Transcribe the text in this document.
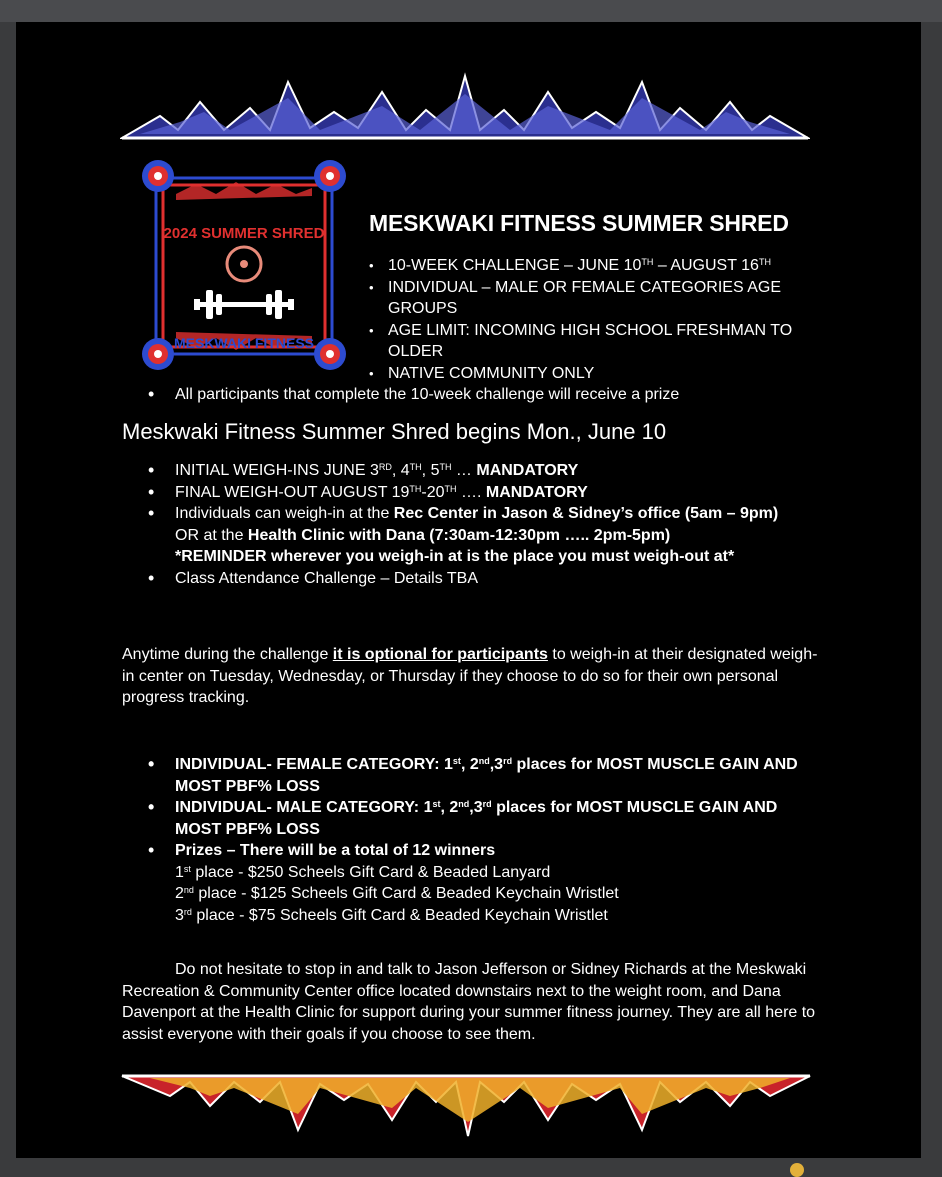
2024 SUMMER SHRED
MESKWAKI FITNESS
MESKWAKI FITNESS SUMMER SHRED
• 10-WEEK CHALLENGE – JUNE 10TH – AUGUST 16TH
• INDIVIDUAL – MALE OR FEMALE CATEGORIES AGE GROUPS
• AGE LIMIT: INCOMING HIGH SCHOOL FRESHMAN TO OLDER
• NATIVE COMMUNITY ONLY
• All participants that complete the 10-week challenge will receive a prize
Meskwaki Fitness Summer Shred begins Mon., June 10
• INITIAL WEIGH-INS JUNE 3RD, 4TH, 5TH … MANDATORY
• FINAL WEIGH-OUT AUGUST 19TH-20TH …. MANDATORY
• Individuals can weigh-in at the Rec Center in Jason & Sidney’s office (5am – 9pm)
OR at the Health Clinic with Dana (7:30am-12:30pm ….. 2pm-5pm)
*REMINDER wherever you weigh-in at is the place you must weigh-out at*
• Class Attendance Challenge – Details TBA
Anytime during the challenge it is optional for participants to weigh-in at their designated weigh-in center on Tuesday, Wednesday, or Thursday if they choose to do so for their own personal progress tracking.
• INDIVIDUAL- FEMALE CATEGORY: 1st, 2nd,3rd places for MOST MUSCLE GAIN AND MOST PBF% LOSS
• INDIVIDUAL- MALE CATEGORY: 1st, 2nd,3rd places for MOST MUSCLE GAIN AND MOST PBF% LOSS
• Prizes – There will be a total of 12 winners
1st place - $250 Scheels Gift Card & Beaded Lanyard
2nd place - $125 Scheels Gift Card & Beaded Keychain Wristlet
3rd place - $75 Scheels Gift Card & Beaded Keychain Wristlet
Do not hesitate to stop in and talk to Jason Jefferson or Sidney Richards at the Meskwaki Recreation & Community Center office located downstairs next to the weight room, and Dana Davenport at the Health Clinic for support during your summer fitness journey. They are all here to assist everyone with their goals if you choose to see them.
